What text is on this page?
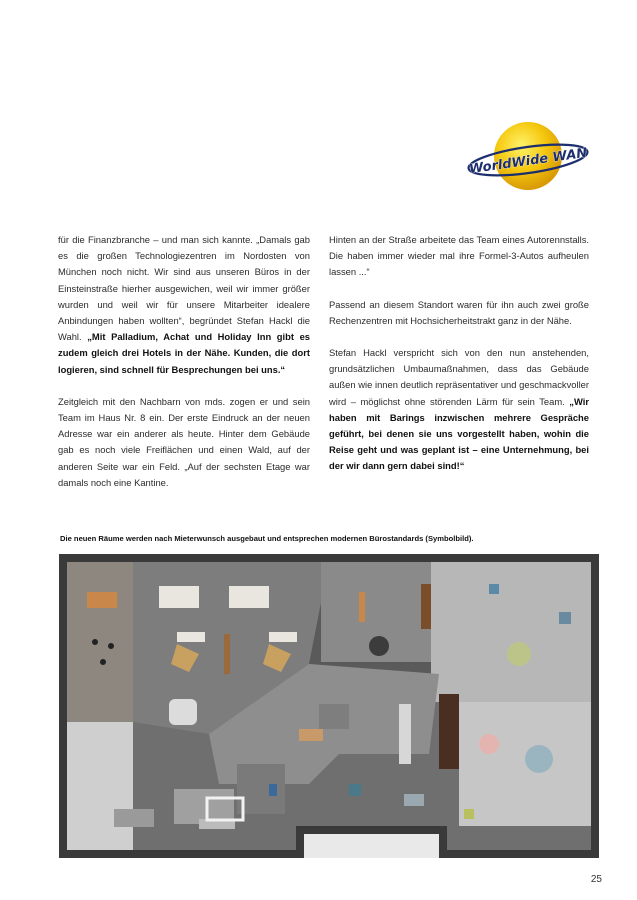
WorldWide WAN

für die Finanzbranche – und man sich kannte. „Damals gab es die großen Technologiezentren im Nordosten von München noch nicht. Wir sind aus unseren Büros in der Einsteinstraße hierher ausgewichen, weil wir immer größer wurden und weil wir für unsere Mitarbeiter idealere Anbindungen haben wollten“, begründet Stefan Hackl die Wahl. „Mit Palladium, Achat und Holiday Inn gibt es zudem gleich drei Hotels in der Nähe. Kunden, die dort logieren, sind schnell für Besprechungen bei uns.“

Zeitgleich mit den Nachbarn von mds. zogen er und sein Team im Haus Nr. 8 ein. Der erste Eindruck an der neuen Adresse war ein anderer als heute. Hinter dem Gebäude gab es noch viele Freiflächen und einen Wald, auf der anderen Seite war ein Feld. „Auf der sechsten Etage war damals noch eine Kantine.

Hinten an der Straße arbeitete das Team eines Autorennstalls. Die haben immer wieder mal ihre Formel-3-Autos aufheulen lassen ...“

Passend an diesem Standort waren für ihn auch zwei große Rechenzentren mit Hochsicherheitstrakt ganz in der Nähe.

Stefan Hackl verspricht sich von den nun anstehenden, grundsätzlichen Umbaumaßnahmen, dass das Gebäude außen wie innen deutlich repräsentativer und geschmackvoller wird – möglichst ohne störenden Lärm für sein Team. „Wir haben mit Barings inzwischen mehrere Gespräche geführt, bei denen sie uns vorgestellt haben, wohin die Reise geht und was geplant ist – eine Unternehmung, bei der wir dann gern dabei sind!“

Die neuen Räume werden nach Mieterwunsch ausgebaut und entsprechen modernen Bürostandards (Symbolbild).
25
